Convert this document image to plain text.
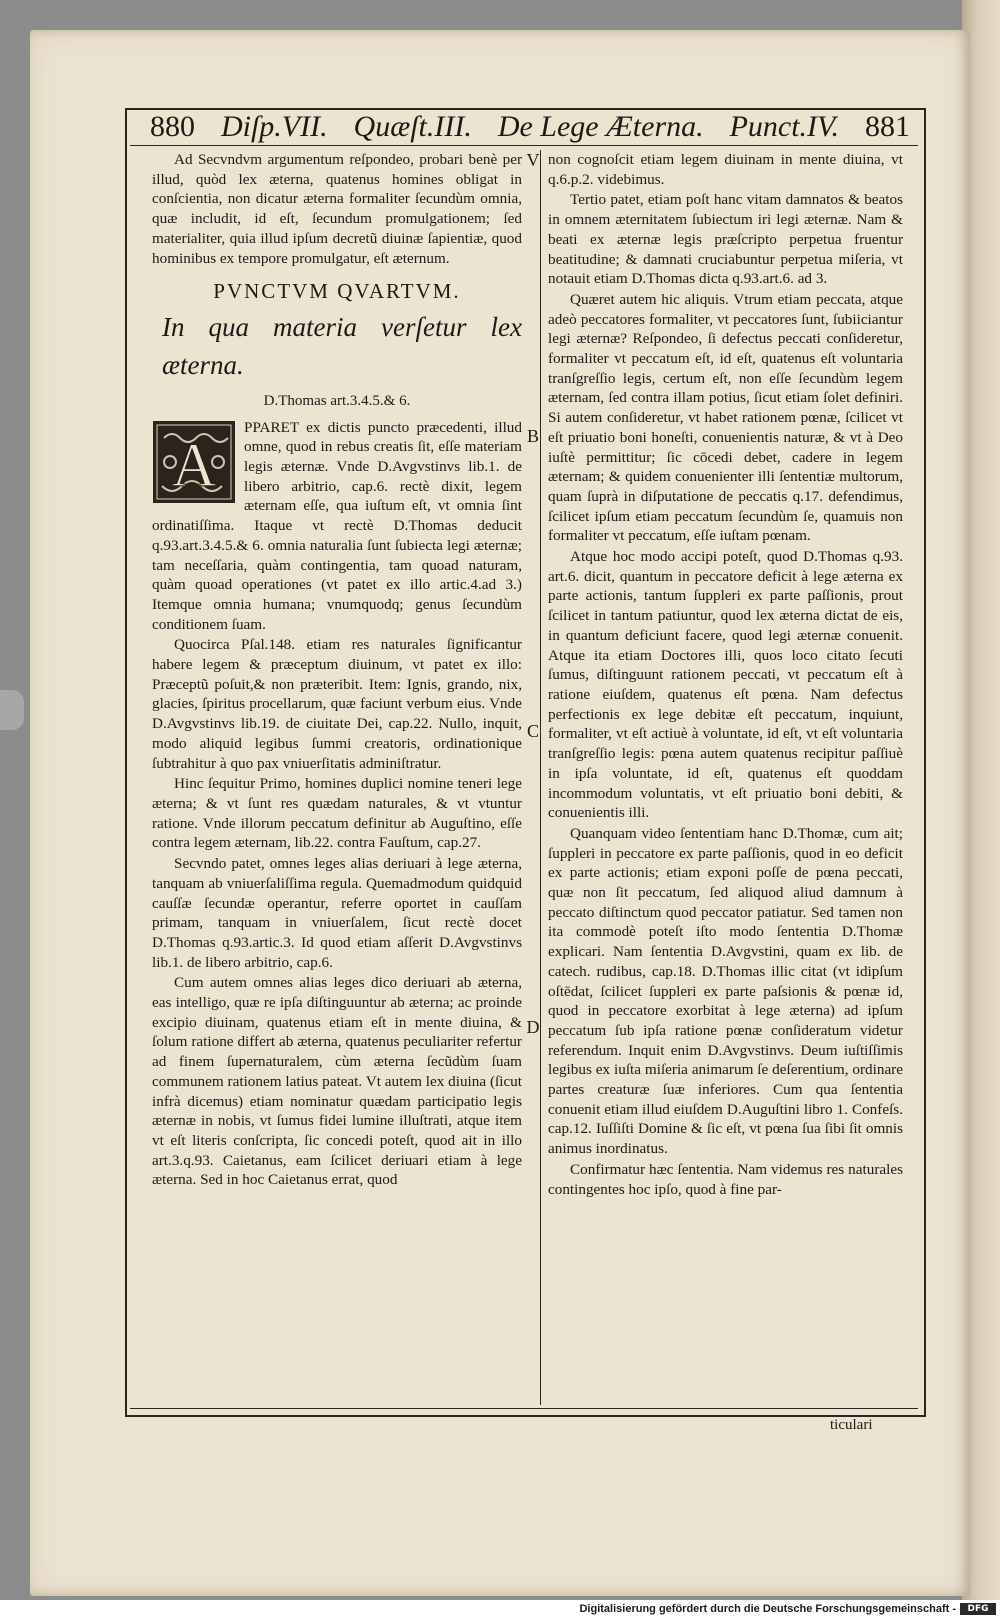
880 Diſp.VII. Quæſt.III. De Lege Æterna. Punct.IV. 881

Ad Secvndvm argumentum reſpondeo, probari benè per illud, quòd lex æterna, quatenus homines obligat in conſcientia, non dicatur æterna formaliter ſecundùm omnia, quæ includit, id eſt, ſecundum promulgationem; ſed materialiter, quia illud ipſum decretũ diuinæ ſapientiæ, quod hominibus ex tempore promulgatur, eſt æternum.

PVNCTVM QVARTVM.
In qua materia verſetur lex æterna.
D.Thomas art.3.4.5.& 6.

A
PPARET ex dictis puncto præcedenti, illud omne, quod in rebus creatis ſit, eſſe materiam legis æternæ. Vnde D.Avgvstinvs lib.1. de libero arbitrio, cap.6. rectè dixit, legem æternam eſſe, qua iuſtum eſt, vt omnia ſint ordinatiſſima. Itaque vt rectè D.Thomas deducit q.93.art.3.4.5.& 6. omnia naturalia ſunt ſubiecta legi æternæ; tam neceſſaria, quàm contingentia, tam quoad naturam, quàm quoad operationes (vt patet ex illo artic.4.ad 3.) Itemque omnia humana; vnumquodq; genus ſecundùm conditionem ſuam.

Quocirca Pſal.148. etiam res naturales ſignificantur habere legem & præceptum diuinum, vt patet ex illo: Præceptũ poſuit,& non præteribit. Item: Ignis, grando, nix, glacies, ſpiritus procellarum, quæ faciunt verbum eius. Vnde D.Avgvstinvs lib.19. de ciuitate Dei, cap.22. Nullo, inquit, modo aliquid legibus ſummi creatoris, ordinationique ſubtrahitur à quo pax vniuerſitatis adminiſtratur.

Hinc ſequitur Primo, homines duplici nomine teneri lege æterna; & vt ſunt res quædam naturales, & vt vtuntur ratione. Vnde illorum peccatum definitur ab Auguſtino, eſſe contra legem æternam, lib.22. contra Fauſtum, cap.27.

Secvndo patet, omnes leges alias deriuari à lege æterna, tanquam ab vniuerſaliſſima regula. Quemadmodum quidquid cauſſæ ſecundæ operantur, referre oportet in cauſſam primam, tanquam in vniuerſalem, ſicut rectè docet D.Thomas q.93.artic.3. Id quod etiam aſſerit D.Avgvstinvs lib.1. de libero arbitrio, cap.6.

Cum autem omnes alias leges dico deriuari ab æterna, eas intelligo, quæ re ipſa diſtinguuntur ab æterna; ac proinde excipio diuinam, quatenus etiam eſt in mente diuina, & ſolum ratione differt ab æterna, quatenus peculiariter refertur ad finem ſupernaturalem, cùm æterna ſecũdùm ſuam communem rationem latius pateat. Vt autem lex diuina (ſicut infrà dicemus) etiam nominatur quædam participatio legis æternæ in nobis, vt ſumus fidei lumine illuſtrati, atque item vt eſt literis conſcripta, ſic concedi poteſt, quod ait in illo art.3.q.93. Caietanus, eam ſcilicet deriuari etiam à lege æterna. Sed in hoc Caietanus errat, quod

V
B
C
D

non cognoſcit etiam legem diuinam in mente diuina, vt q.6.p.2. videbimus.

Tertio patet, etiam poſt hanc vitam damnatos & beatos in omnem æternitatem ſubiectum iri legi æternæ. Nam & beati ex æternæ legis præſcripto perpetua fruentur beatitudine; & damnati cruciabuntur perpetua miſeria, vt notauit etiam D.Thomas dicta q.93.art.6. ad 3.

Quæret autem hic aliquis. Vtrum etiam peccata, atque adeò peccatores formaliter, vt peccatores ſunt, ſubiiciantur legi æternæ? Reſpondeo, ſi defectus peccati conſideretur, formaliter vt peccatum eſt, id eſt, quatenus eſt voluntaria tranſgreſſio legis, certum eſt, non eſſe ſecundùm legem æternam, ſed contra illam potius, ſicut etiam ſolet definiri. Si autem conſideretur, vt habet rationem pœnæ, ſcilicet vt eſt priuatio boni honeſti, conuenientis naturæ, & vt à Deo iuſtè permittitur; ſic cōcedi debet, cadere in legem æternam; & quidem conuenienter illi ſententiæ multorum, quam ſuprà in diſputatione de peccatis q.17. defendimus, ſcilicet ipſum etiam peccatum ſecundùm ſe, quamuis non formaliter vt peccatum, eſſe iuſtam pœnam.

Atque hoc modo accipi poteſt, quod D.Thomas q.93. art.6. dicit, quantum in peccatore deficit à lege æterna ex parte actionis, tantum ſuppleri ex parte paſſionis, prout ſcilicet in tantum patiuntur, quod lex æterna dictat de eis, in quantum deficiunt facere, quod legi æternæ conuenit. Atque ita etiam Doctores illi, quos loco citato ſecuti ſumus, diſtinguunt rationem peccati, vt peccatum eſt à ratione eiuſdem, quatenus eſt pœna. Nam defectus perfectionis ex lege debitæ eſt peccatum, inquiunt, formaliter, vt eſt actiuè à voluntate, id eſt, vt eſt voluntaria tranſgreſſio legis: pœna autem quatenus recipitur paſſiuè in ipſa voluntate, id eſt, quatenus eſt quoddam incommodum voluntatis, vt eſt priuatio boni debiti, & conuenientis illi.

Quanquam video ſententiam hanc D.Thomæ, cum ait; ſuppleri in peccatore ex parte paſſionis, quod in eo deficit ex parte actionis; etiam exponi poſſe de pœna peccati, quæ non ſit peccatum, ſed aliquod aliud damnum à peccato diſtinctum quod peccator patiatur. Sed tamen non ita commodè poteſt iſto modo ſententia D.Thomæ explicari. Nam ſententia D.Avgvstini, quam ex lib. de catech. rudibus, cap.18. D.Thomas illic citat (vt idipſum oſtēdat, ſcilicet ſuppleri ex parte paſsionis & pœnæ id, quod in peccatore exorbitat à lege æterna) ad ipſum peccatum ſub ipſa ratione pœnæ conſideratum videtur referendum. Inquit enim D.Avgvstinvs. Deum iuſtiſſimis legibus ex iuſta miſeria animarum ſe deſerentium, ordinare partes creaturæ ſuæ inferiores. Cum qua ſententia conuenit etiam illud eiuſdem D.Auguſtini libro 1. Confeſs. cap.12. Iuſſiſti Domine & ſic eſt, vt pœna ſua ſibi ſit omnis animus inordinatus.

Confirmatur hæc ſententia. Nam videmus res naturales contingentes hoc ipſo, quod à fine par-

ticulari
Digitalisierung gefördert durch die Deutsche Forschungsgemeinschaft -	DFG
